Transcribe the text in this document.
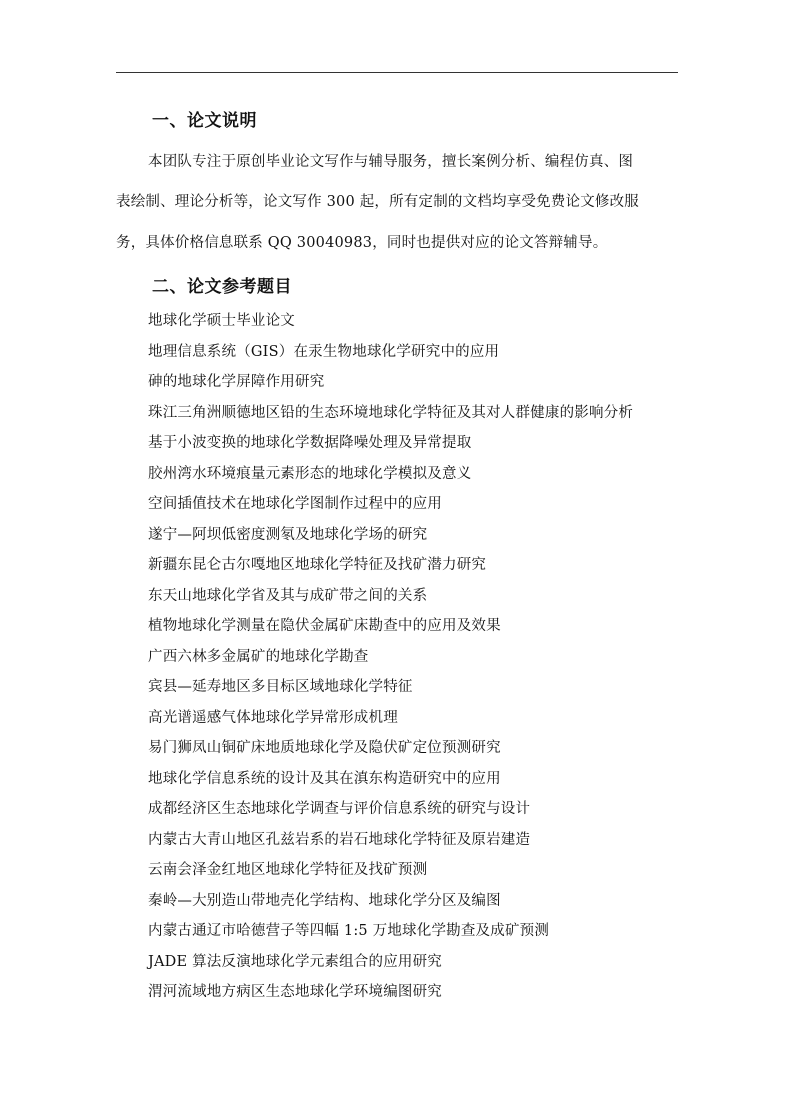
一、论文说明

本团队专注于原创毕业论文写作与辅导服务，擅长案例分析、编程仿真、图

表绘制、理论分析等，论文写作 300 起，所有定制的文档均享受免费论文修改服

务，具体价格信息联系 QQ 30040983，同时也提供对应的论文答辩辅导。

二、论文参考题目
地球化学硕士毕业论文
地理信息系统（GIS）在汞生物地球化学研究中的应用
砷的地球化学屏障作用研究
珠江三角洲顺德地区铅的生态环境地球化学特征及其对人群健康的影响分析
基于小波变换的地球化学数据降噪处理及异常提取
胶州湾水环境痕量元素形态的地球化学模拟及意义
空间插值技术在地球化学图制作过程中的应用
遂宁—阿坝低密度测氡及地球化学场的研究
新疆东昆仑古尔嘎地区地球化学特征及找矿潜力研究
东天山地球化学省及其与成矿带之间的关系
植物地球化学测量在隐伏金属矿床勘查中的应用及效果
广西六林多金属矿的地球化学勘查
宾县—延寿地区多目标区域地球化学特征
高光谱遥感气体地球化学异常形成机理
易门狮凤山铜矿床地质地球化学及隐伏矿定位预测研究
地球化学信息系统的设计及其在滇东构造研究中的应用
成都经济区生态地球化学调查与评价信息系统的研究与设计
内蒙古大青山地区孔兹岩系的岩石地球化学特征及原岩建造
云南会泽金红地区地球化学特征及找矿预测
秦岭—大别造山带地壳化学结构、地球化学分区及编图
内蒙古通辽市哈德营子等四幅 1:5 万地球化学勘查及成矿预测
JADE 算法反演地球化学元素组合的应用研究
渭河流域地方病区生态地球化学环境编图研究
